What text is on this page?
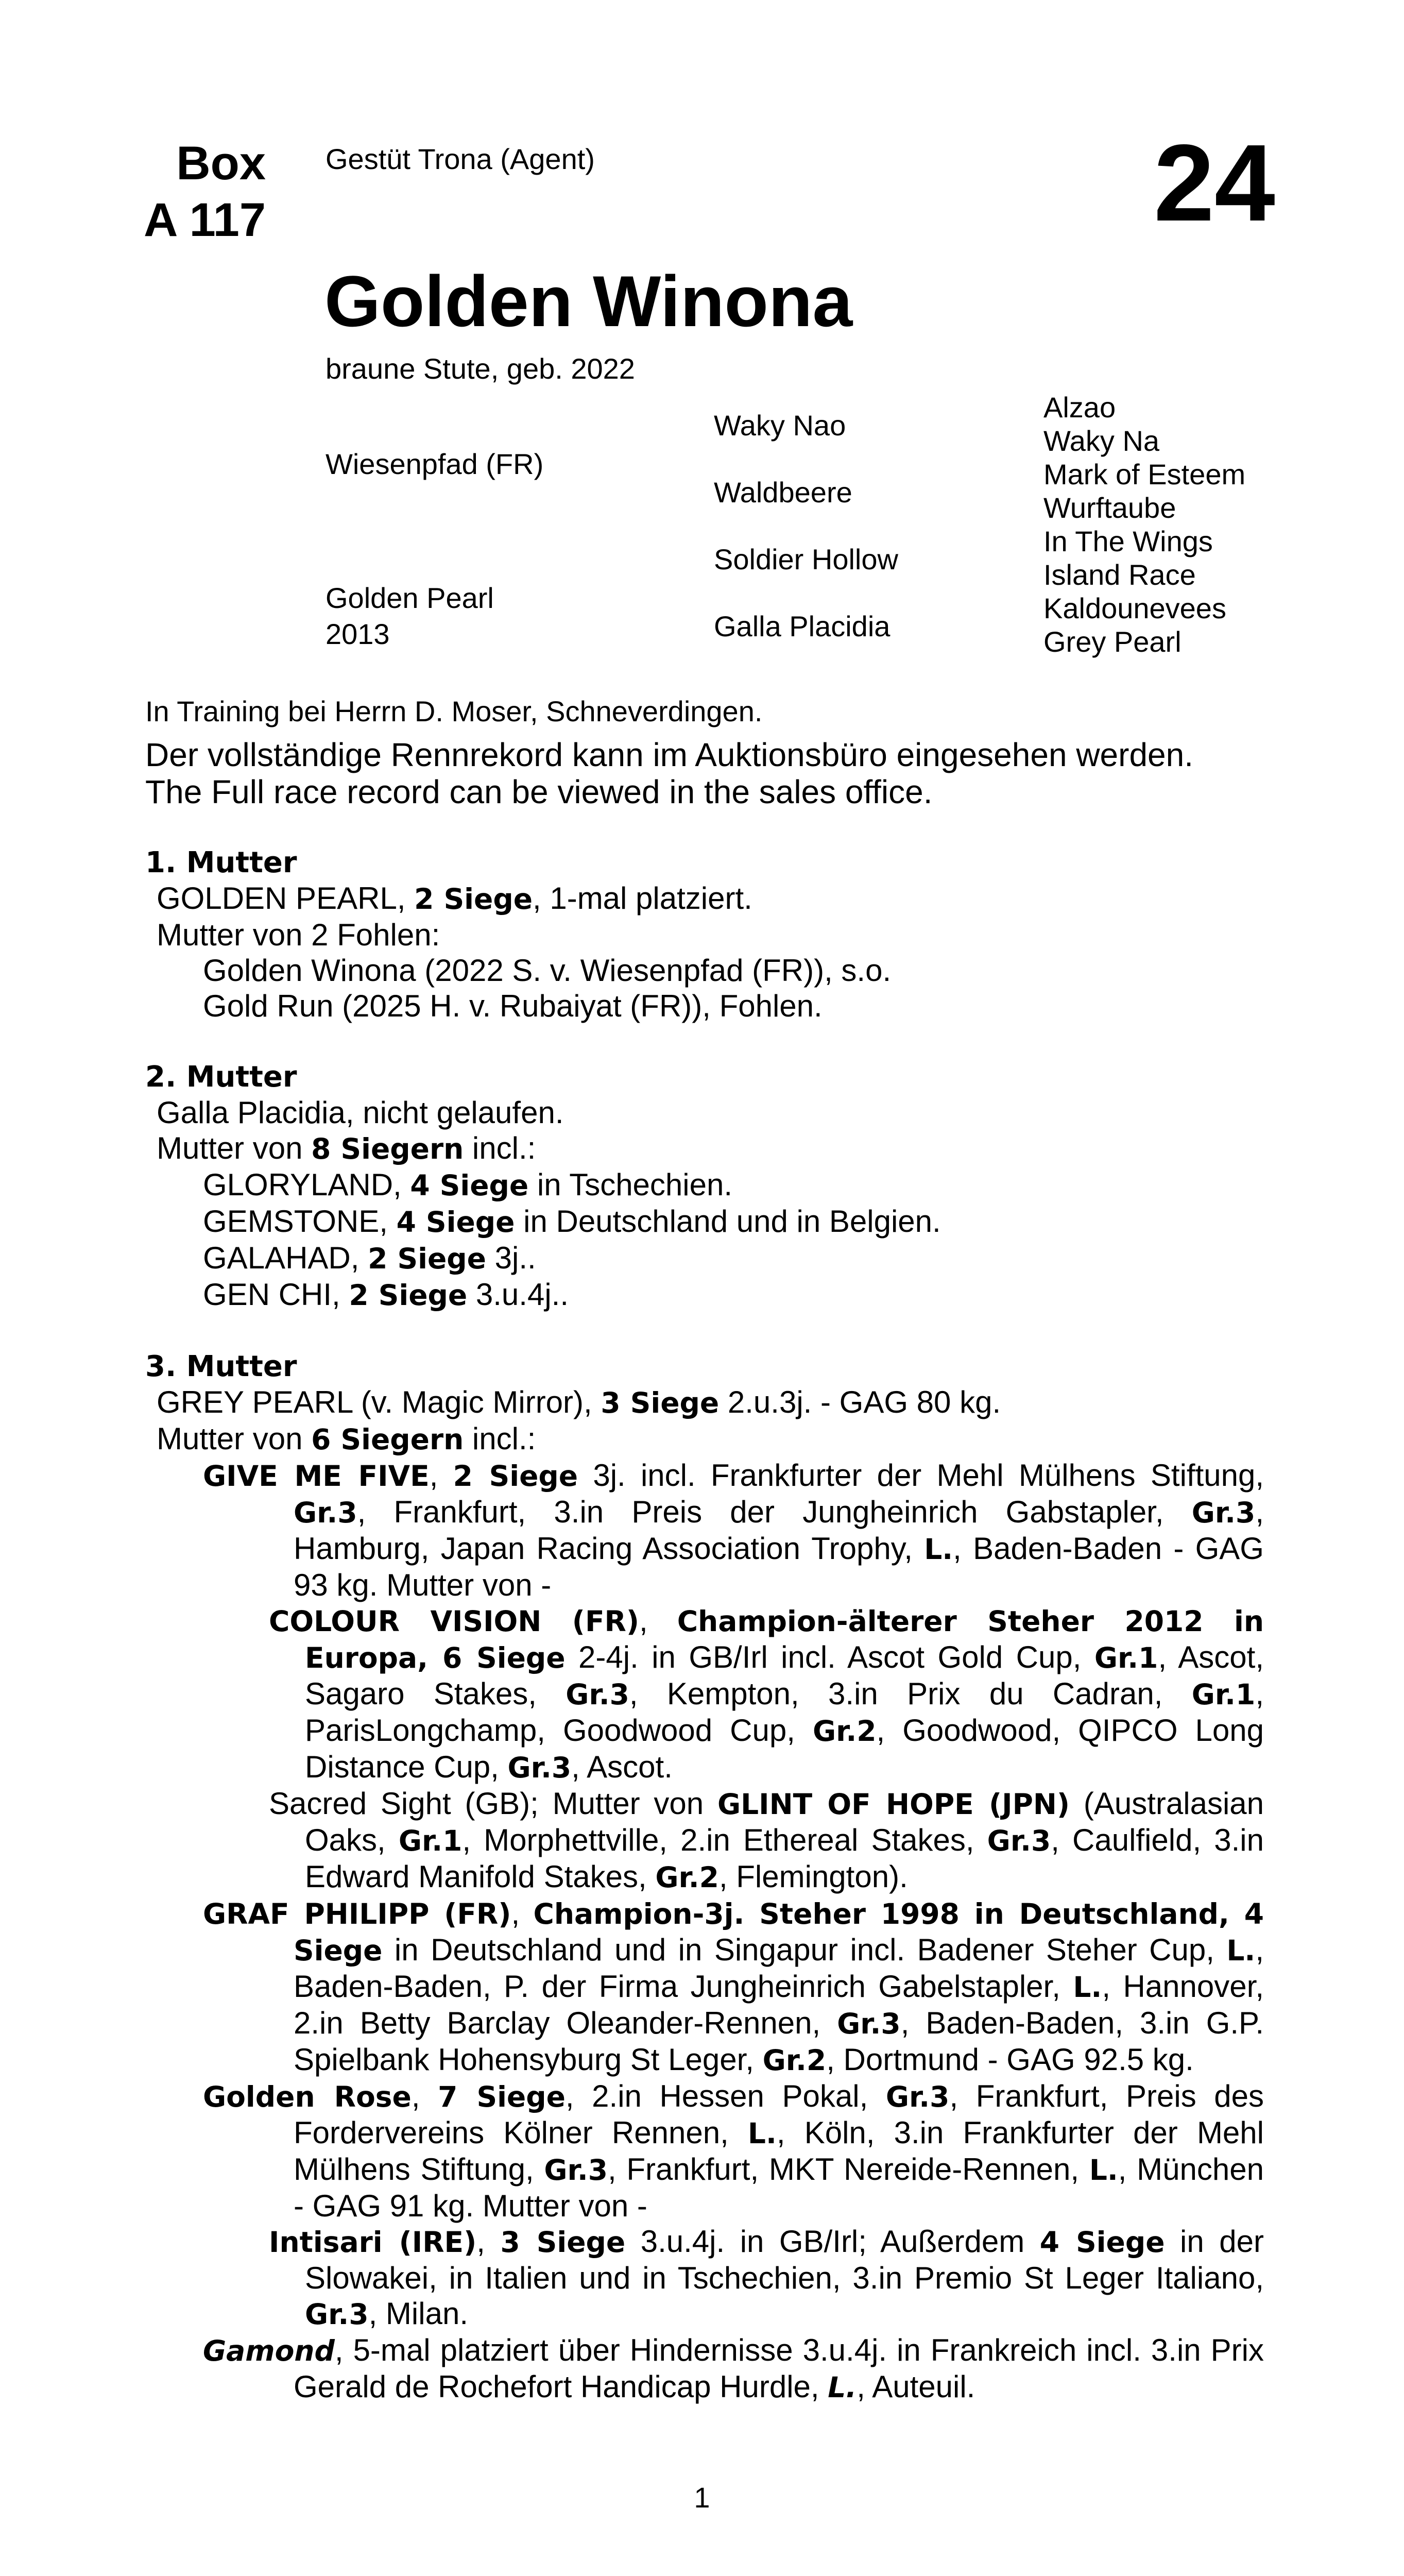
Box
A 117
Gestüt Trona (Agent)	24
Golden Winona
braune Stute, geb. 2022
Wiesenpfad (FR)
Golden Pearl
2013
Waky Nao
Waldbeere
Soldier Hollow
Galla Placidia
Alzao
Waky Na
Mark of Esteem
Wurftaube
In The Wings
Island Race
Kaldounevees
Grey Pearl
In Training bei Herrn D. Moser, Schneverdingen.
Der vollständige Rennrekord kann im Auktionsbüro eingesehen werden.
The Full race record can be viewed in the sales office.
1. Mutter
GOLDEN PEARL, 2 Siege, 1-mal platziert.
Mutter von 2 Fohlen:
Golden Winona (2022 S. v. Wiesenpfad (FR)), s.o.
Gold Run (2025 H. v. Rubaiyat (FR)), Fohlen.
2. Mutter
Galla Placidia, nicht gelaufen.
Mutter von 8 Siegern incl.:
GLORYLAND, 4 Siege in Tschechien.
GEMSTONE, 4 Siege in Deutschland und in Belgien.
GALAHAD, 2 Siege 3j..
GEN CHI, 2 Siege 3.u.4j..
3. Mutter
GREY PEARL (v. Magic Mirror), 3 Siege 2.u.3j. - GAG 80 kg.
Mutter von 6 Siegern incl.:
GIVE ME FIVE, 2 Siege 3j. incl. Frankfurter der Mehl Mülhens Stiftung, Gr.3, Frankfurt, 3.in Preis der Jungheinrich Gabstapler, Gr.3, Hamburg, Japan Racing Association Trophy, L., Baden-Baden - GAG 93 kg. Mutter von -
COLOUR VISION (FR), Champion-älterer Steher 2012 in Europa, 6 Siege 2-4j. in GB/Irl incl. Ascot Gold Cup, Gr.1, Ascot, Sagaro Stakes, Gr.3, Kempton, 3.in Prix du Cadran, Gr.1, ParisLongchamp, Goodwood Cup, Gr.2, Goodwood, QIPCO Long Distance Cup, Gr.3, Ascot.
Sacred Sight (GB); Mutter von GLINT OF HOPE (JPN) (Australasian Oaks, Gr.1, Morphettville, 2.in Ethereal Stakes, Gr.3, Caulfield, 3.in Edward Manifold Stakes, Gr.2, Flemington).
GRAF PHILIPP (FR), Champion-3j. Steher 1998 in Deutschland, 4 Siege in Deutschland und in Singapur incl. Badener Steher Cup, L., Baden-Baden, P. der Firma Jungheinrich Gabelstapler, L., Hannover, 2.in Betty Barclay Oleander-Rennen, Gr.3, Baden-Baden, 3.in G.P. Spielbank Hohensyburg St Leger, Gr.2, Dortmund - GAG 92.5 kg.
Golden Rose, 7 Siege, 2.in Hessen Pokal, Gr.3, Frankfurt, Preis des Fordervereins Kölner Rennen, L., Köln, 3.in Frankfurter der Mehl Mülhens Stiftung, Gr.3, Frankfurt, MKT Nereide-Rennen, L., München - GAG 91 kg. Mutter von -
Intisari (IRE), 3 Siege 3.u.4j. in GB/Irl; Außerdem 4 Siege in der Slowakei, in Italien und in Tschechien, 3.in Premio St Leger Italiano, Gr.3, Milan.
Gamond, 5-mal platziert über Hindernisse 3.u.4j. in Frankreich incl. 3.in Prix Gerald de Rochefort Handicap Hurdle, L., Auteuil.
1
